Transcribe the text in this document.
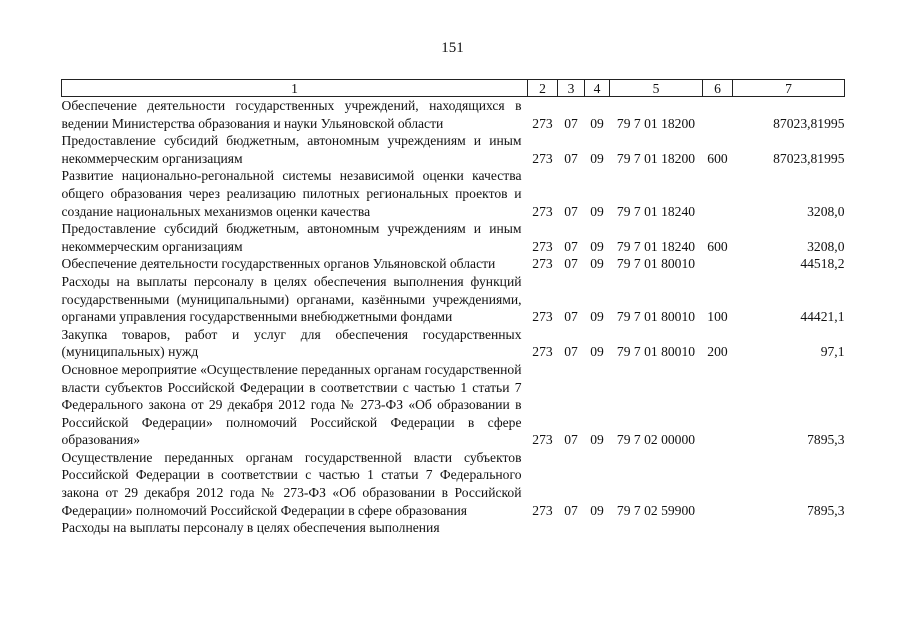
151
1	2	3	4	5	6	7
Обеспечение деятельности государственных учреждений, находящихся в ведении Министерства образования и науки Ульяновской области	273	07	09	79 7 01 18200		87023,81995
Предоставление субсидий бюджетным, автономным учреждениям и иным некоммерческим организациям	273	07	09	79 7 01 18200	600	87023,81995
Развитие национально-регональной системы независимой оценки качества общего образования через реализацию пилотных региональных проектов и создание национальных механизмов оценки качества	273	07	09	79 7 01 18240		3208,0
Предоставление субсидий бюджетным, автономным учреждениям и иным некоммерческим организациям	273	07	09	79 7 01 18240	600	3208,0
Обеспечение деятельности государственных органов Ульяновской области	273	07	09	79 7 01 80010		44518,2
Расходы на выплаты персоналу в целях обеспечения выполнения функций государственными (муниципальными) органами, казёнными учреждениями, органами управления государственными внебюджетными фондами	273	07	09	79 7 01 80010	100	44421,1
Закупка товаров, работ и услуг для обеспечения государственных (муниципальных) нужд	273	07	09	79 7 01 80010	200	97,1
Основное мероприятие «Осуществление переданных органам государственной власти субъектов Российской Федерации в соответствии с частью 1 статьи 7 Федерального закона от 29 декабря 2012 года № 273-ФЗ «Об образовании в Российской Федерации» полномочий Российской Федерации в сфере образования»	273	07	09	79 7 02 00000		7895,3
Осуществление переданных органам государственной власти субъектов Российской Федерации в соответствии с частью 1 статьи 7 Федерального закона от 29 декабря 2012 года № 273-ФЗ «Об образовании в Российской Федерации» полномочий Российской Федерации в сфере образования	273	07	09	79 7 02 59900		7895,3

Расходы на выплаты персоналу в целях обеспечения выполнения						
